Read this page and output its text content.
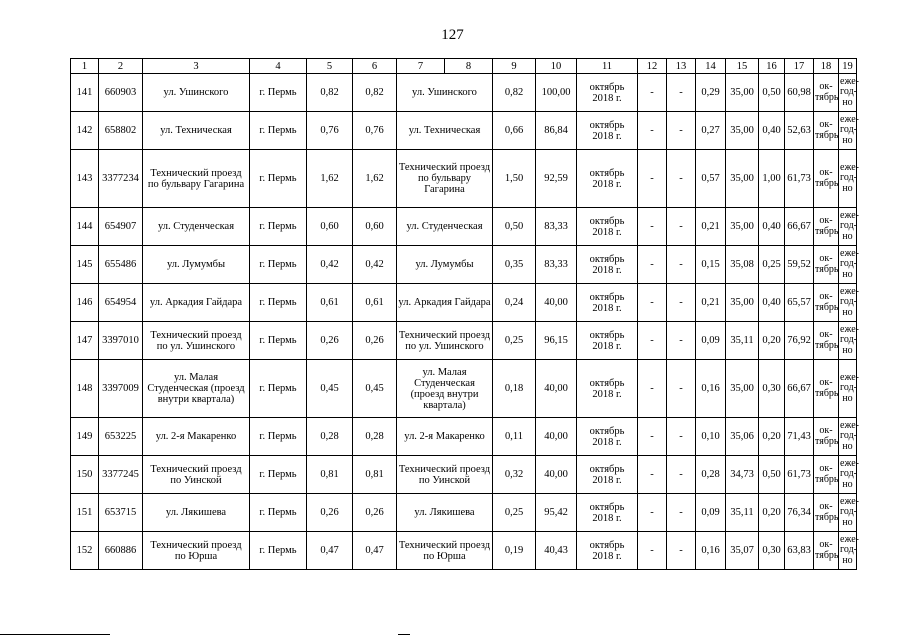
127
1	2	3	4	5	6	7	8	9	10	11	12	13	14	15	16	17	18	19
141	660903	ул. Ушинского	г. Пермь	0,82	0,82	ул. Ушинского		0,82	100,00	октябрь 2018 г.	-	-	0,29	35,00	0,50	60,98	ок-тябрь	еже-год-но
142	658802	ул. Техническая	г. Пермь	0,76	0,76	ул. Техническая		0,66	86,84	октябрь 2018 г.	-	-	0,27	35,00	0,40	52,63	ок-тябрь	еже-год-но
143	3377234	Технический проезд по бульвару Гагарина	г. Пермь	1,62	1,62	Технический проезд по бульвару Гагарина		1,50	92,59	октябрь 2018 г.	-	-	0,57	35,00	1,00	61,73	ок-тябрь	еже-год-но
144	654907	ул. Студенческая	г. Пермь	0,60	0,60	ул. Студенческая		0,50	83,33	октябрь 2018 г.	-	-	0,21	35,00	0,40	66,67	ок-тябрь	еже-год-но
145	655486	ул. Лумумбы	г. Пермь	0,42	0,42	ул. Лумумбы		0,35	83,33	октябрь 2018 г.	-	-	0,15	35,08	0,25	59,52	ок-тябрь	еже-год-но
146	654954	ул. Аркадия Гайдара	г. Пермь	0,61	0,61	ул. Аркадия Гайдара		0,24	40,00	октябрь 2018 г.	-	-	0,21	35,00	0,40	65,57	ок-тябрь	еже-год-но
147	3397010	Технический проезд по ул. Ушинского	г. Пермь	0,26	0,26	Технический проезд по ул. Ушинского		0,25	96,15	октябрь 2018 г.	-	-	0,09	35,11	0,20	76,92	ок-тябрь	еже-год-но
148	3397009	ул. Малая Студенческая (проезд внутри квартала)	г. Пермь	0,45	0,45	ул. Малая Студенческая (проезд внутри квартала)		0,18	40,00	октябрь 2018 г.	-	-	0,16	35,00	0,30	66,67	ок-тябрь	еже-год-но
149	653225	ул. 2-я Макаренко	г. Пермь	0,28	0,28	ул. 2-я Макаренко		0,11	40,00	октябрь 2018 г.	-	-	0,10	35,06	0,20	71,43	ок-тябрь	еже-год-но
150	3377245	Технический проезд по Уинской	г. Пермь	0,81	0,81	Технический проезд по Уинской		0,32	40,00	октябрь 2018 г.	-	-	0,28	34,73	0,50	61,73	ок-тябрь	еже-год-но
151	653715	ул. Лякишева	г. Пермь	0,26	0,26	ул. Лякишева		0,25	95,42	октябрь 2018 г.	-	-	0,09	35,11	0,20	76,34	ок-тябрь	еже-год-но
152	660886	Технический проезд по Юрша	г. Пермь	0,47	0,47	Технический проезд по Юрша		0,19	40,43	октябрь 2018 г.	-	-	0,16	35,07	0,30	63,83	ок-тябрь	еже-год-но
